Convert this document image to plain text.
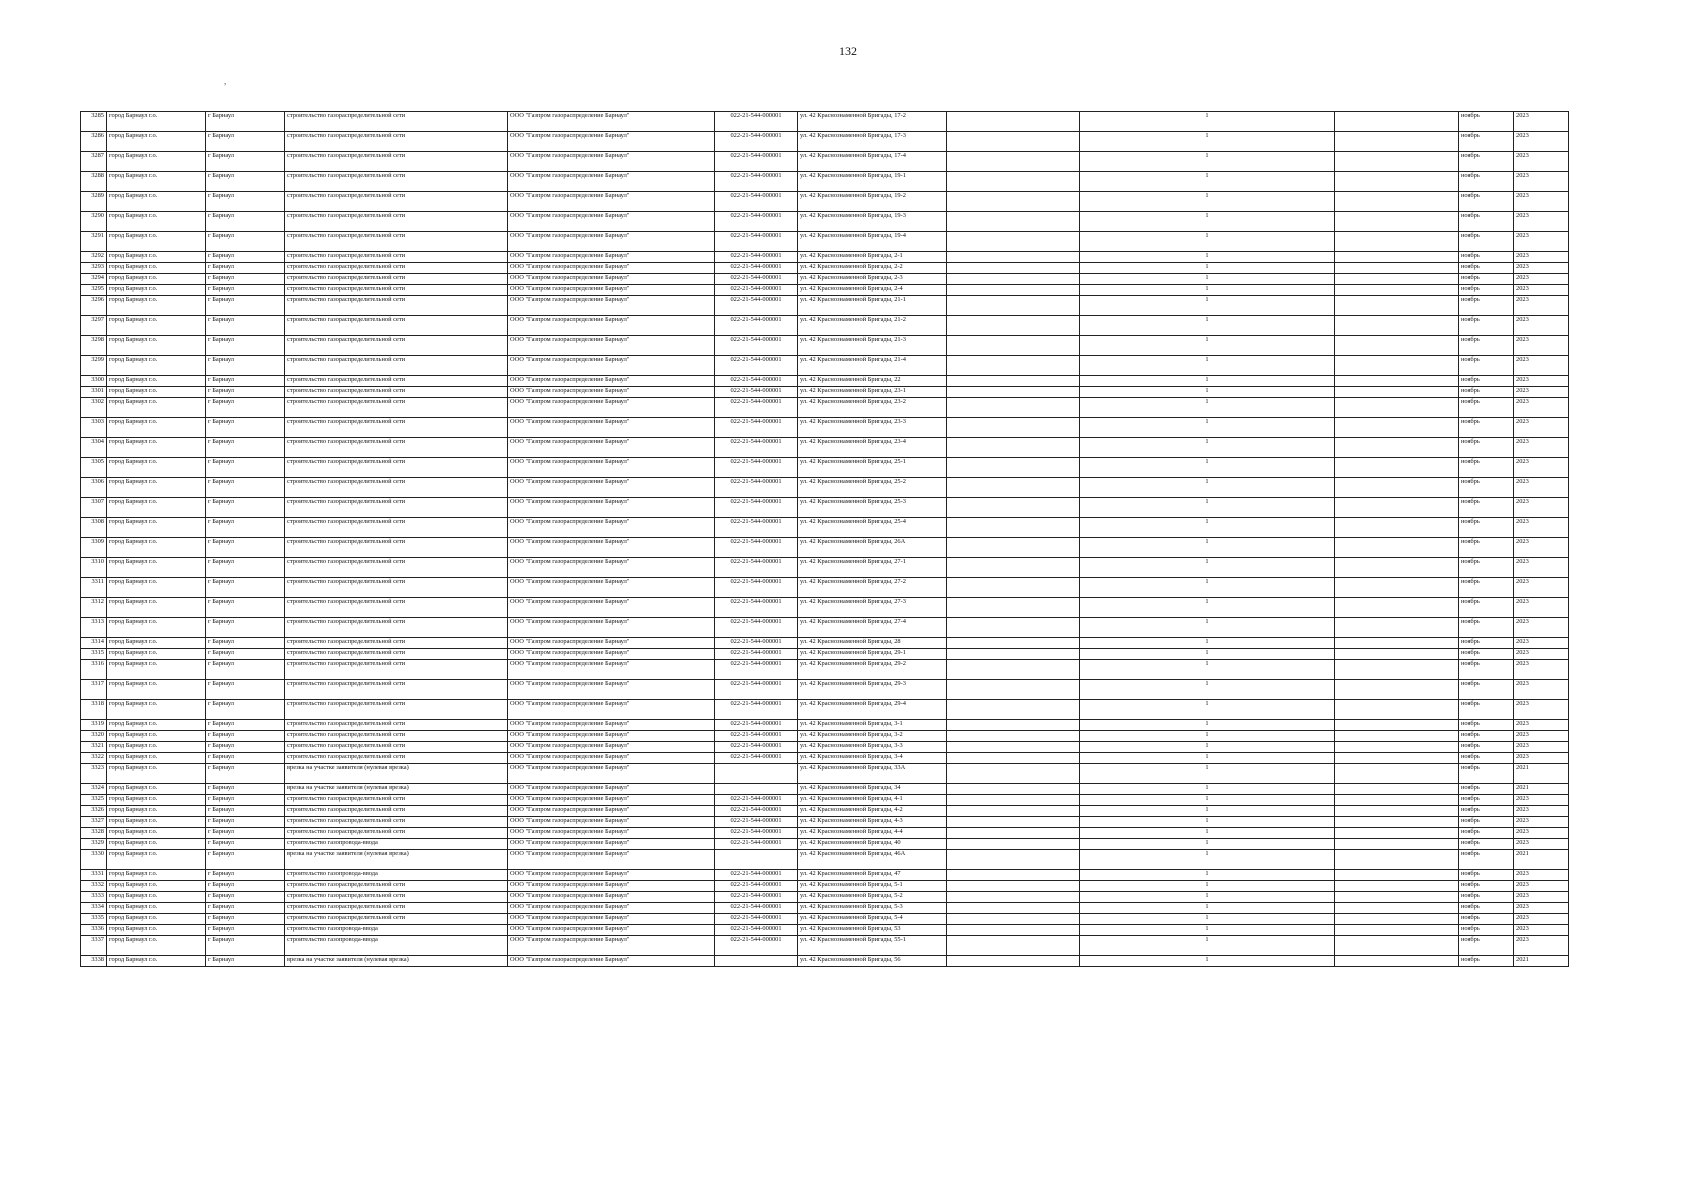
132
,
3285	город Барнаул г.о.	г Барнаул	строительство газораспределительной сети	ООО "Газпром газораспределение Барнаул"	022-21-544-000001	ул. 42 Краснознаменной Бригады, 17-2		1		ноябрь	2023
3286	город Барнаул г.о.	г Барнаул	строительство газораспределительной сети	ООО "Газпром газораспределение Барнаул"	022-21-544-000001	ул. 42 Краснознаменной Бригады, 17-3		1		ноябрь	2023
3287	город Барнаул г.о.	г Барнаул	строительство газораспределительной сети	ООО "Газпром газораспределение Барнаул"	022-21-544-000001	ул. 42 Краснознаменной Бригады, 17-4		1		ноябрь	2023
3288	город Барнаул г.о.	г Барнаул	строительство газораспределительной сети	ООО "Газпром газораспределение Барнаул"	022-21-544-000001	ул. 42 Краснознаменной Бригады, 19-1		1		ноябрь	2023
3289	город Барнаул г.о.	г Барнаул	строительство газораспределительной сети	ООО "Газпром газораспределение Барнаул"	022-21-544-000001	ул. 42 Краснознаменной Бригады, 19-2		1		ноябрь	2023
3290	город Барнаул г.о.	г Барнаул	строительство газораспределительной сети	ООО "Газпром газораспределение Барнаул"	022-21-544-000001	ул. 42 Краснознаменной Бригады, 19-3		1		ноябрь	2023
3291	город Барнаул г.о.	г Барнаул	строительство газораспределительной сети	ООО "Газпром газораспределение Барнаул"	022-21-544-000001	ул. 42 Краснознаменной Бригады, 19-4		1		ноябрь	2023
3292	город Барнаул г.о.	г Барнаул	строительство газораспределительной сети	ООО "Газпром газораспределение Барнаул"	022-21-544-000001	ул. 42 Краснознаменной Бригады, 2-1		1		ноябрь	2023
3293	город Барнаул г.о.	г Барнаул	строительство газораспределительной сети	ООО "Газпром газораспределение Барнаул"	022-21-544-000001	ул. 42 Краснознаменной Бригады, 2-2		1		ноябрь	2023
3294	город Барнаул г.о.	г Барнаул	строительство газораспределительной сети	ООО "Газпром газораспределение Барнаул"	022-21-544-000001	ул. 42 Краснознаменной Бригады, 2-3		1		ноябрь	2023
3295	город Барнаул г.о.	г Барнаул	строительство газораспределительной сети	ООО "Газпром газораспределение Барнаул"	022-21-544-000001	ул. 42 Краснознаменной Бригады, 2-4		1		ноябрь	2023
3296	город Барнаул г.о.	г Барнаул	строительство газораспределительной сети	ООО "Газпром газораспределение Барнаул"	022-21-544-000001	ул. 42 Краснознаменной Бригады, 21-1		1		ноябрь	2023
3297	город Барнаул г.о.	г Барнаул	строительство газораспределительной сети	ООО "Газпром газораспределение Барнаул"	022-21-544-000001	ул. 42 Краснознаменной Бригады, 21-2		1		ноябрь	2023
3298	город Барнаул г.о.	г Барнаул	строительство газораспределительной сети	ООО "Газпром газораспределение Барнаул"	022-21-544-000001	ул. 42 Краснознаменной Бригады, 21-3		1		ноябрь	2023
3299	город Барнаул г.о.	г Барнаул	строительство газораспределительной сети	ООО "Газпром газораспределение Барнаул"	022-21-544-000001	ул. 42 Краснознаменной Бригады, 21-4		1		ноябрь	2023
3300	город Барнаул г.о.	г Барнаул	строительство газораспределительной сети	ООО "Газпром газораспределение Барнаул"	022-21-544-000001	ул. 42 Краснознаменной Бригады, 22		1		ноябрь	2023
3301	город Барнаул г.о.	г Барнаул	строительство газораспределительной сети	ООО "Газпром газораспределение Барнаул"	022-21-544-000001	ул. 42 Краснознаменной Бригады, 23-1		1		ноябрь	2023
3302	город Барнаул г.о.	г Барнаул	строительство газораспределительной сети	ООО "Газпром газораспределение Барнаул"	022-21-544-000001	ул. 42 Краснознаменной Бригады, 23-2		1		ноябрь	2023
3303	город Барнаул г.о.	г Барнаул	строительство газораспределительной сети	ООО "Газпром газораспределение Барнаул"	022-21-544-000001	ул. 42 Краснознаменной Бригады, 23-3		1		ноябрь	2023
3304	город Барнаул г.о.	г Барнаул	строительство газораспределительной сети	ООО "Газпром газораспределение Барнаул"	022-21-544-000001	ул. 42 Краснознаменной Бригады, 23-4		1		ноябрь	2023
3305	город Барнаул г.о.	г Барнаул	строительство газораспределительной сети	ООО "Газпром газораспределение Барнаул"	022-21-544-000001	ул. 42 Краснознаменной Бригады, 25-1		1		ноябрь	2023
3306	город Барнаул г.о.	г Барнаул	строительство газораспределительной сети	ООО "Газпром газораспределение Барнаул"	022-21-544-000001	ул. 42 Краснознаменной Бригады, 25-2		1		ноябрь	2023
3307	город Барнаул г.о.	г Барнаул	строительство газораспределительной сети	ООО "Газпром газораспределение Барнаул"	022-21-544-000001	ул. 42 Краснознаменной Бригады, 25-3		1		ноябрь	2023
3308	город Барнаул г.о.	г Барнаул	строительство газораспределительной сети	ООО "Газпром газораспределение Барнаул"	022-21-544-000001	ул. 42 Краснознаменной Бригады, 25-4		1		ноябрь	2023
3309	город Барнаул г.о.	г Барнаул	строительство газораспределительной сети	ООО "Газпром газораспределение Барнаул"	022-21-544-000001	ул. 42 Краснознаменной Бригады, 26А		1		ноябрь	2023
3310	город Барнаул г.о.	г Барнаул	строительство газораспределительной сети	ООО "Газпром газораспределение Барнаул"	022-21-544-000001	ул. 42 Краснознаменной Бригады, 27-1		1		ноябрь	2023
3311	город Барнаул г.о.	г Барнаул	строительство газораспределительной сети	ООО "Газпром газораспределение Барнаул"	022-21-544-000001	ул. 42 Краснознаменной Бригады, 27-2		1		ноябрь	2023
3312	город Барнаул г.о.	г Барнаул	строительство газораспределительной сети	ООО "Газпром газораспределение Барнаул"	022-21-544-000001	ул. 42 Краснознаменной Бригады, 27-3		1		ноябрь	2023
3313	город Барнаул г.о.	г Барнаул	строительство газораспределительной сети	ООО "Газпром газораспределение Барнаул"	022-21-544-000001	ул. 42 Краснознаменной Бригады, 27-4		1		ноябрь	2023
3314	город Барнаул г.о.	г Барнаул	строительство газораспределительной сети	ООО "Газпром газораспределение Барнаул"	022-21-544-000001	ул. 42 Краснознаменной Бригады, 28		1		ноябрь	2023
3315	город Барнаул г.о.	г Барнаул	строительство газораспределительной сети	ООО "Газпром газораспределение Барнаул"	022-21-544-000001	ул. 42 Краснознаменной Бригады, 29-1		1		ноябрь	2023
3316	город Барнаул г.о.	г Барнаул	строительство газораспределительной сети	ООО "Газпром газораспределение Барнаул"	022-21-544-000001	ул. 42 Краснознаменной Бригады, 29-2		1		ноябрь	2023
3317	город Барнаул г.о.	г Барнаул	строительство газораспределительной сети	ООО "Газпром газораспределение Барнаул"	022-21-544-000001	ул. 42 Краснознаменной Бригады, 29-3		1		ноябрь	2023
3318	город Барнаул г.о.	г Барнаул	строительство газораспределительной сети	ООО "Газпром газораспределение Барнаул"	022-21-544-000001	ул. 42 Краснознаменной Бригады, 29-4		1		ноябрь	2023
3319	город Барнаул г.о.	г Барнаул	строительство газораспределительной сети	ООО "Газпром газораспределение Барнаул"	022-21-544-000001	ул. 42 Краснознаменной Бригады, 3-1		1		ноябрь	2023
3320	город Барнаул г.о.	г Барнаул	строительство газораспределительной сети	ООО "Газпром газораспределение Барнаул"	022-21-544-000001	ул. 42 Краснознаменной Бригады, 3-2		1		ноябрь	2023
3321	город Барнаул г.о.	г Барнаул	строительство газораспределительной сети	ООО "Газпром газораспределение Барнаул"	022-21-544-000001	ул. 42 Краснознаменной Бригады, 3-3		1		ноябрь	2023
3322	город Барнаул г.о.	г Барнаул	строительство газораспределительной сети	ООО "Газпром газораспределение Барнаул"	022-21-544-000001	ул. 42 Краснознаменной Бригады, 3-4		1		ноябрь	2023
3323	город Барнаул г.о.	г Барнаул	врезка на участке заявителя (нулевая врезка)	ООО "Газпром газораспределение Барнаул"		ул. 42 Краснознаменной Бригады, 33А		1		ноябрь	2021
3324	город Барнаул г.о.	г Барнаул	врезка на участке заявителя (нулевая врезка)	ООО "Газпром газораспределение Барнаул"		ул. 42 Краснознаменной Бригады, 34		1		ноябрь	2021
3325	город Барнаул г.о.	г Барнаул	строительство газораспределительной сети	ООО "Газпром газораспределение Барнаул"	022-21-544-000001	ул. 42 Краснознаменной Бригады, 4-1		1		ноябрь	2023
3326	город Барнаул г.о.	г Барнаул	строительство газораспределительной сети	ООО "Газпром газораспределение Барнаул"	022-21-544-000001	ул. 42 Краснознаменной Бригады, 4-2		1		ноябрь	2023
3327	город Барнаул г.о.	г Барнаул	строительство газораспределительной сети	ООО "Газпром газораспределение Барнаул"	022-21-544-000001	ул. 42 Краснознаменной Бригады, 4-3		1		ноябрь	2023
3328	город Барнаул г.о.	г Барнаул	строительство газораспределительной сети	ООО "Газпром газораспределение Барнаул"	022-21-544-000001	ул. 42 Краснознаменной Бригады, 4-4		1		ноябрь	2023
3329	город Барнаул г.о.	г Барнаул	строительство газопровода-ввода	ООО "Газпром газораспределение Барнаул"	022-21-544-000001	ул. 42 Краснознаменной Бригады, 40		1		ноябрь	2023
3330	город Барнаул г.о.	г Барнаул	врезка на участке заявителя (нулевая врезка)	ООО "Газпром газораспределение Барнаул"		ул. 42 Краснознаменной Бригады, 46А		1		ноябрь	2021
3331	город Барнаул г.о.	г Барнаул	строительство газопровода-ввода	ООО "Газпром газораспределение Барнаул"	022-21-544-000001	ул. 42 Краснознаменной Бригады, 47		1		ноябрь	2023
3332	город Барнаул г.о.	г Барнаул	строительство газораспределительной сети	ООО "Газпром газораспределение Барнаул"	022-21-544-000001	ул. 42 Краснознаменной Бригады, 5-1		1		ноябрь	2023
3333	город Барнаул г.о.	г Барнаул	строительство газораспределительной сети	ООО "Газпром газораспределение Барнаул"	022-21-544-000001	ул. 42 Краснознаменной Бригады, 5-2		1		ноябрь	2023
3334	город Барнаул г.о.	г Барнаул	строительство газораспределительной сети	ООО "Газпром газораспределение Барнаул"	022-21-544-000001	ул. 42 Краснознаменной Бригады, 5-3		1		ноябрь	2023
3335	город Барнаул г.о.	г Барнаул	строительство газораспределительной сети	ООО "Газпром газораспределение Барнаул"	022-21-544-000001	ул. 42 Краснознаменной Бригады, 5-4		1		ноябрь	2023
3336	город Барнаул г.о.	г Барнаул	строительство газопровода-ввода	ООО "Газпром газораспределение Барнаул"	022-21-544-000001	ул. 42 Краснознаменной Бригады, 53		1		ноябрь	2023
3337	город Барнаул г.о.	г Барнаул	строительство газопровода-ввода	ООО "Газпром газораспределение Барнаул"	022-21-544-000001	ул. 42 Краснознаменной Бригады, 55-1		1		ноябрь	2023
3338	город Барнаул г.о.	г Барнаул	врезка на участке заявителя (нулевая врезка)	ООО "Газпром газораспределение Барнаул"		ул. 42 Краснознаменной Бригады, 56		1		ноябрь	2021
